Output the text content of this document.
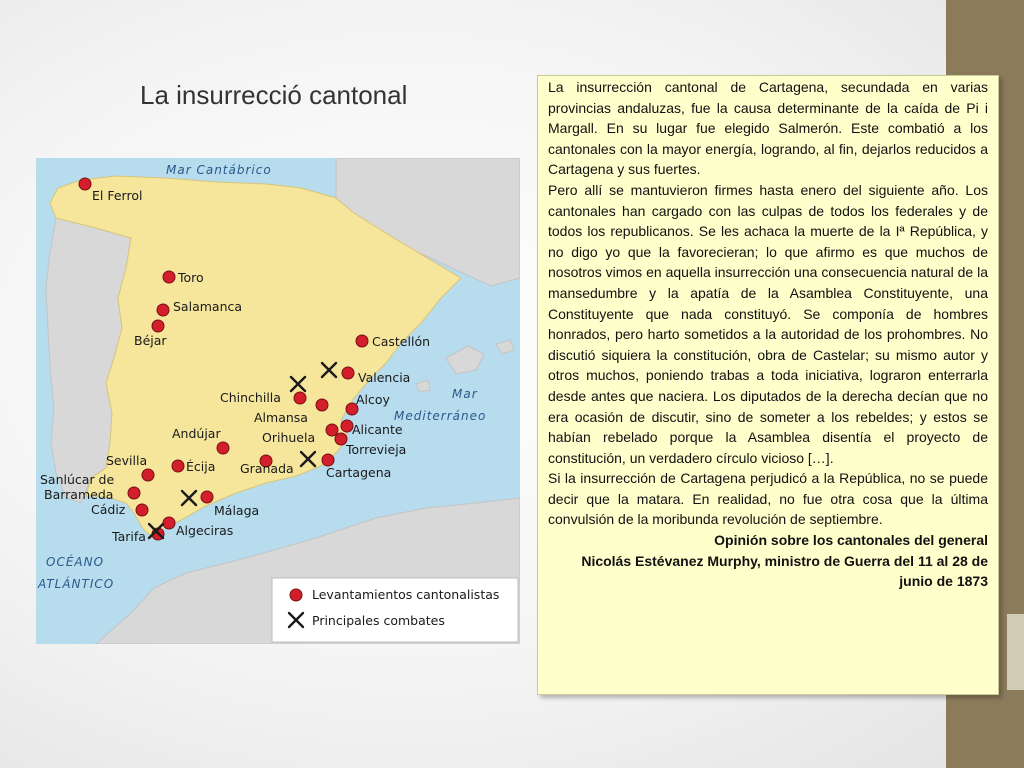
La insurrecció cantonal
Mar Cantábrico
Mar
Mediterráneo
OCÉANO
ATLÁNTICO
El Ferrol
Toro
Salamanca
Béjar	Castellón
Valencia
Chinchilla
Almansa
Alcoy
Andújar	Orihuela
Alicante
Torrevieja
Sevilla	Écija Granada	Cartagena
Sanlúcar de
Barrameda
Cádiz	Málaga
Tarifa Algeciras
Levantamientos cantonalistas
Principales combates

La insurrección cantonal de Cartagena, secundada en varias provincias andaluzas, fue la causa determinante de la caída de Pi i Margall. En su lugar fue elegido Salmerón. Este combatió a los cantonales con la mayor energía, logrando, al fin, dejarlos reducidos a Cartagena y sus fuertes.

Pero allí se mantuvieron firmes hasta enero del siguiente año. Los cantonales han cargado con las culpas de todos los federales y de todos los republicanos. Se les achaca la muerte de la Iª República, y no digo yo que la favorecieran; lo que afirmo es que muchos de nosotros vimos en aquella insurrección una consecuencia natural de la mansedumbre y la apatía de la Asamblea Constituyente, una Constituyente que nada constituyó. Se componía de hombres honrados, pero harto sometidos a la autoridad de los prohombres. No discutió siquiera la constitución, obra de Castelar; su mismo autor y otros muchos, poniendo trabas a toda iniciativa, lograron enterrarla desde antes que naciera. Los diputados de la derecha decían que no era ocasión de discutir, sino de someter a los rebeldes; y estos se habían rebelado porque la Asamblea disentía el proyecto de constitución, un verdadero círculo vicioso […].

Si la insurrección de Cartagena perjudicó a la República, no se puede decir que la matara. En realidad, no fue otra cosa que la última convulsión de la moribunda revolución de septiembre.

Opinión sobre los cantonales del general

Nicolás Estévanez Murphy, ministro de Guerra del 11 al 28 de junio de 1873
